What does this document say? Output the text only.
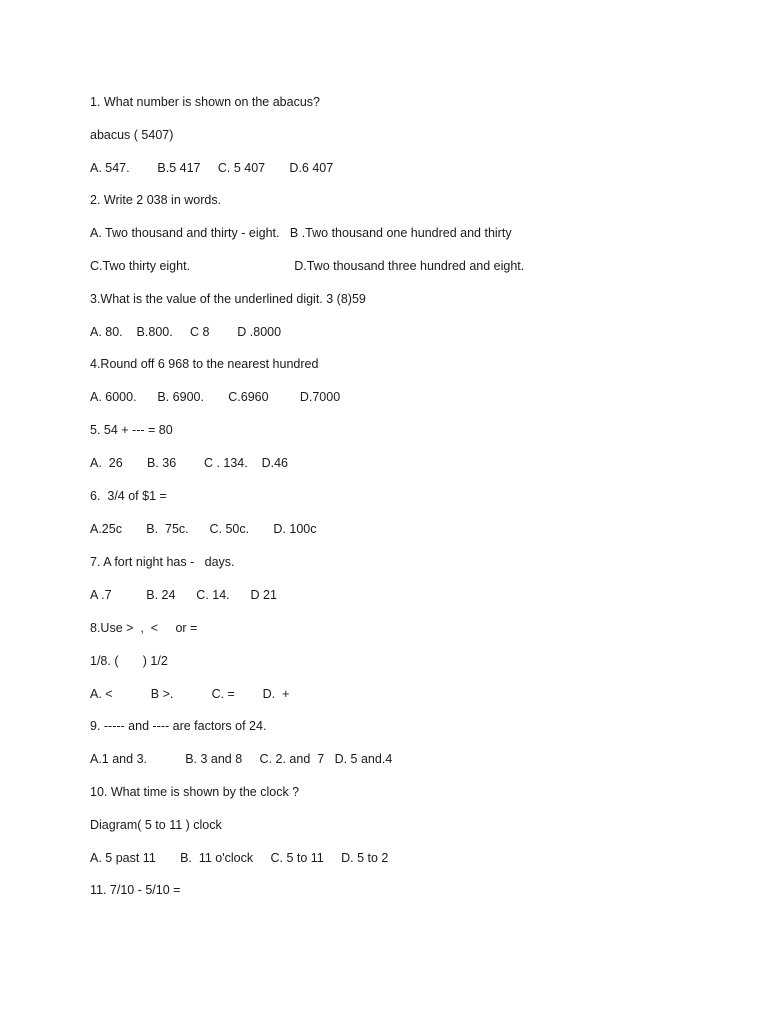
1. What number is shown on the abacus?
abacus ( 5407)
A. 547.        B.5 417     C. 5 407       D.6 407
2. Write 2 038 in words.
A. Two thousand and thirty - eight.   B .Two thousand one hundred and thirty
C.Two thirty eight.                              D.Two thousand three hundred and eight.
3.What is the value of the underlined digit. 3 (8)59
A. 80.    B.800.     C 8        D .8000
4.Round off 6 968 to the nearest hundred
A. 6000.      B. 6900.       C.6960         D.7000
5. 54 + --- = 80
A.  26       B. 36        C . 134.    D.46
6.  3/4 of $1 =
A.25c       B.  75c.      C. 50c.       D. 100c
7. A fort night has -   days.
A .7          B. 24      C. 14.      D 21
8.Use >  ,  <     or =
1/8. (       ) 1/2
A. <           B >.           C. =        D.  +
9. ----- and ---- are factors of 24.
A.1 and 3.           B. 3 and 8     C. 2. and  7   D. 5 and.4
10. What time is shown by the clock ?
Diagram( 5 to 11 ) clock
A. 5 past 11       B.  11 o'clock     C. 5 to 11     D. 5 to 2
11. 7/10 - 5/10 =
